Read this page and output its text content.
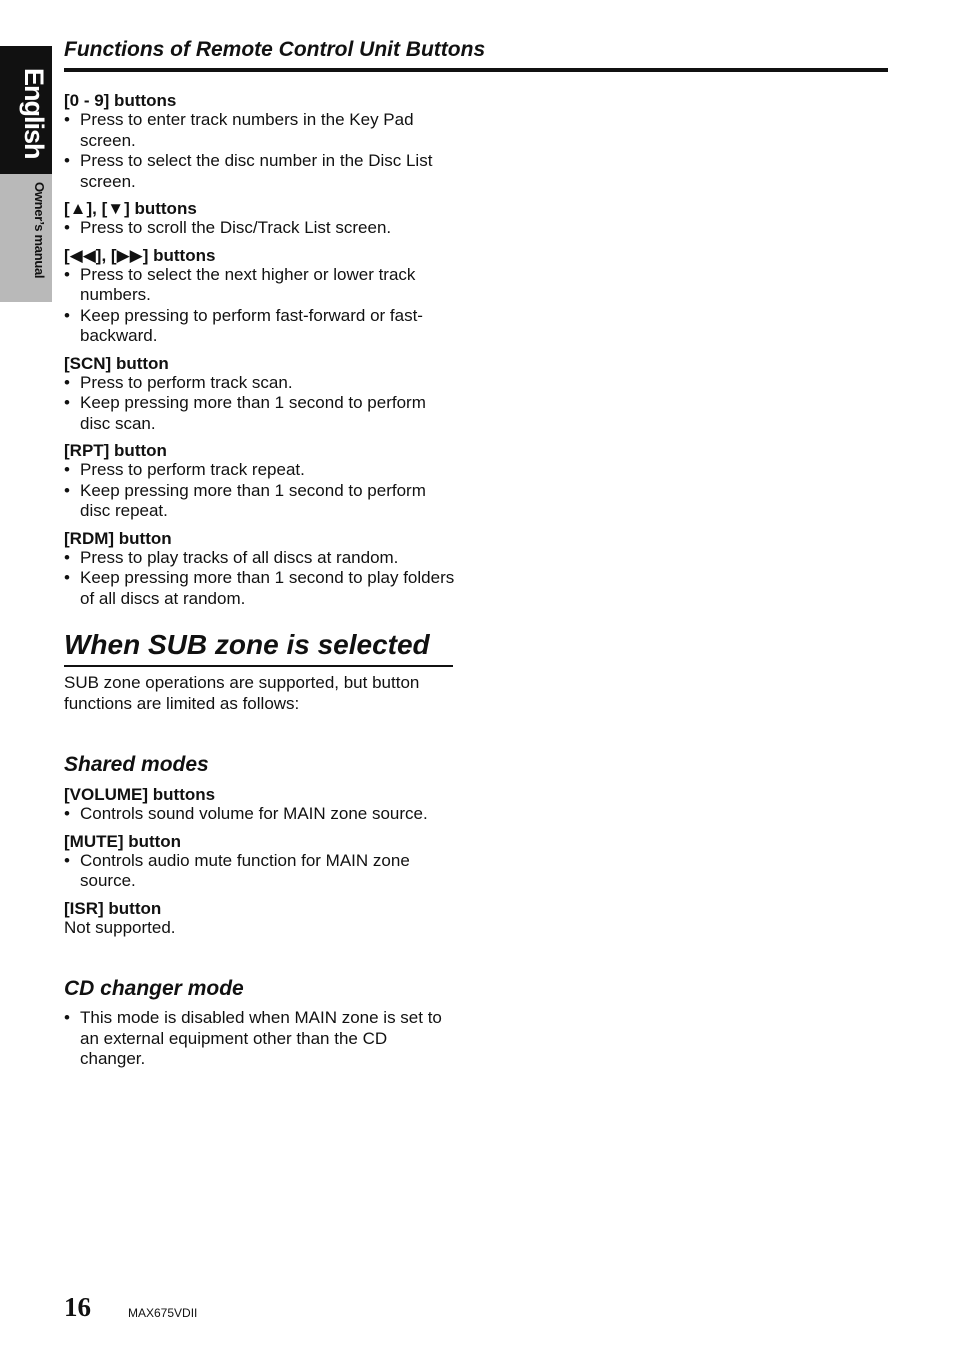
English
Owner’s manual
Functions of Remote Control Unit Buttons

[0 - 9] buttons

• Press to enter track numbers in the Key Pad screen.
• Press to select the disc number in the Disc List screen.

[▲], [▼] buttons

• Press to scroll the Disc/Track List screen.

[◀◀], [▶▶] buttons

• Press to select the next higher or lower track numbers.
• Keep pressing to perform fast-forward or fast-backward.

[SCN] button

• Press to perform track scan.
• Keep pressing more than 1 second to perform disc scan.

[RPT] button

• Press to perform track repeat.
• Keep pressing more than 1 second to perform disc repeat.

[RDM] button

• Press to play tracks of all discs at random.
• Keep pressing more than 1 second to play folders of all discs at random.
When SUB zone is selected

SUB zone operations are supported, but button functions are limited as follows:

Shared modes

[VOLUME] buttons

• Controls sound volume for MAIN zone source.

[MUTE] button

• Controls audio mute function for MAIN zone source.

[ISR] button

Not supported.

CD changer mode
• This mode is disabled when MAIN zone is set to an external equipment other than the CD changer.
16	MAX675VDII
